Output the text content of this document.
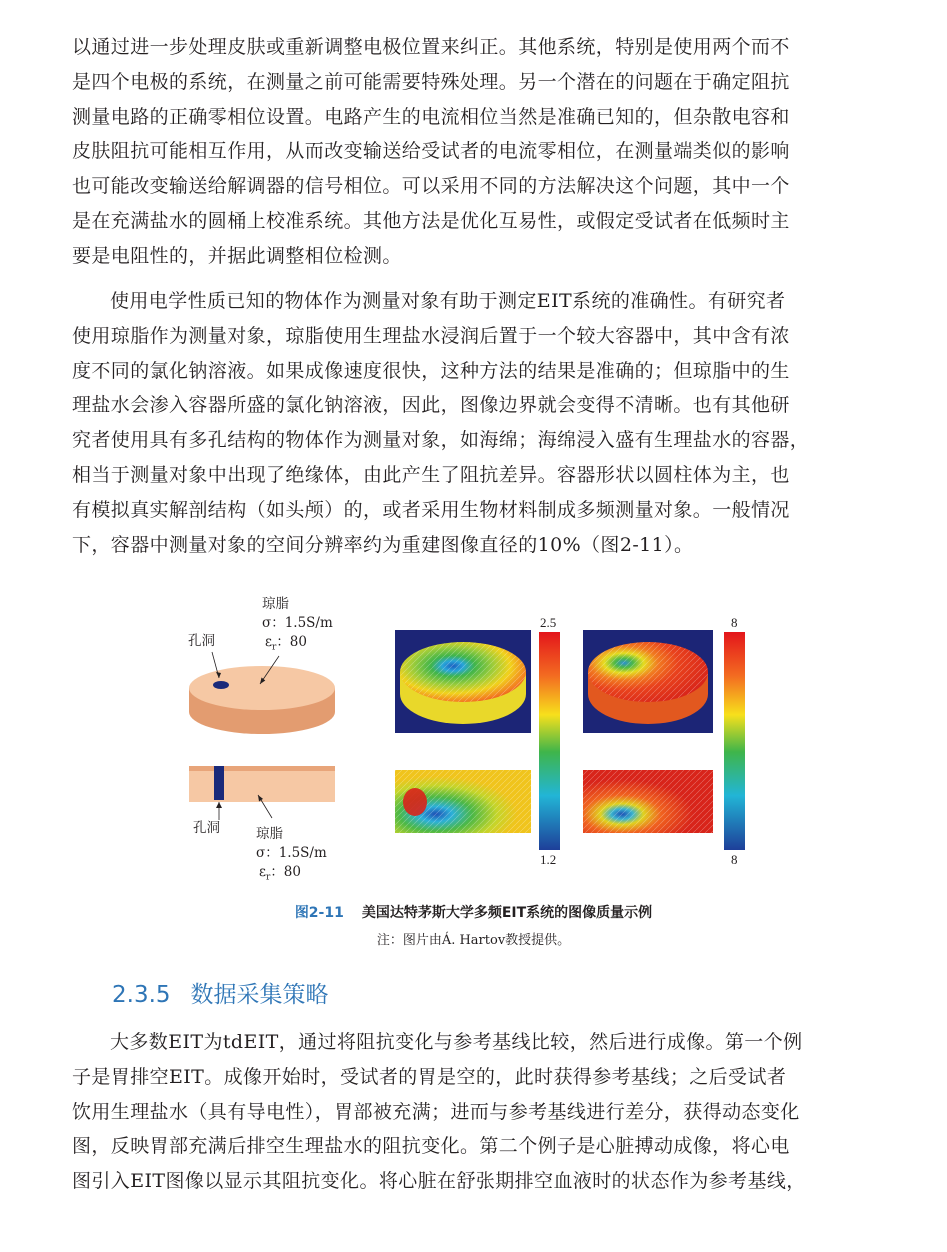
以通过进一步处理皮肤或重新调整电极位置来纠正。其他系统，特别是使用两个而不
是四个电极的系统，在测量之前可能需要特殊处理。另一个潜在的问题在于确定阻抗
测量电路的正确零相位设置。电路产生的电流相位当然是准确已知的，但杂散电容和
皮肤阻抗可能相互作用，从而改变输送给受试者的电流零相位，在测量端类似的影响
也可能改变输送给解调器的信号相位。可以采用不同的方法解决这个问题，其中一个
是在充满盐水的圆桶上校准系统。其他方法是优化互易性，或假定受试者在低频时主
要是电阻性的，并据此调整相位检测。
使用电学性质已知的物体作为测量对象有助于测定EIT系统的准确性。有研究者
使用琼脂作为测量对象，琼脂使用生理盐水浸润后置于一个较大容器中，其中含有浓
度不同的氯化钠溶液。如果成像速度很快，这种方法的结果是准确的；但琼脂中的生
理盐水会渗入容器所盛的氯化钠溶液，因此，图像边界就会变得不清晰。也有其他研
究者使用具有多孔结构的物体作为测量对象，如海绵；海绵浸入盛有生理盐水的容器，
相当于测量对象中出现了绝缘体，由此产生了阻抗差异。容器形状以圆柱体为主，也
有模拟真实解剖结构（如头颅）的，或者采用生物材料制成多频测量对象。一般情况
下，容器中测量对象的空间分辨率约为重建图像直径的10%（图2-11）。
琼脂
σ：1.5S/m
$\varepsilon_r$：80
孔洞
孔洞	琼脂
σ：1.5S/m
$\varepsilon_r$：80
2.5
1.2
8
8
图2-11 美国达特茅斯大学多频EIT系统的图像质量示例
注：图片由Á. Hartov教授提供。
2.3.5 数据采集策略
大多数EIT为tdEIT，通过将阻抗变化与参考基线比较，然后进行成像。第一个例
子是胃排空EIT。成像开始时，受试者的胃是空的，此时获得参考基线；之后受试者
饮用生理盐水（具有导电性），胃部被充满；进而与参考基线进行差分，获得动态变化
图，反映胃部充满后排空生理盐水的阻抗变化。第二个例子是心脏搏动成像，将心电
图引入EIT图像以显示其阻抗变化。将心脏在舒张期排空血液时的状态作为参考基线，
